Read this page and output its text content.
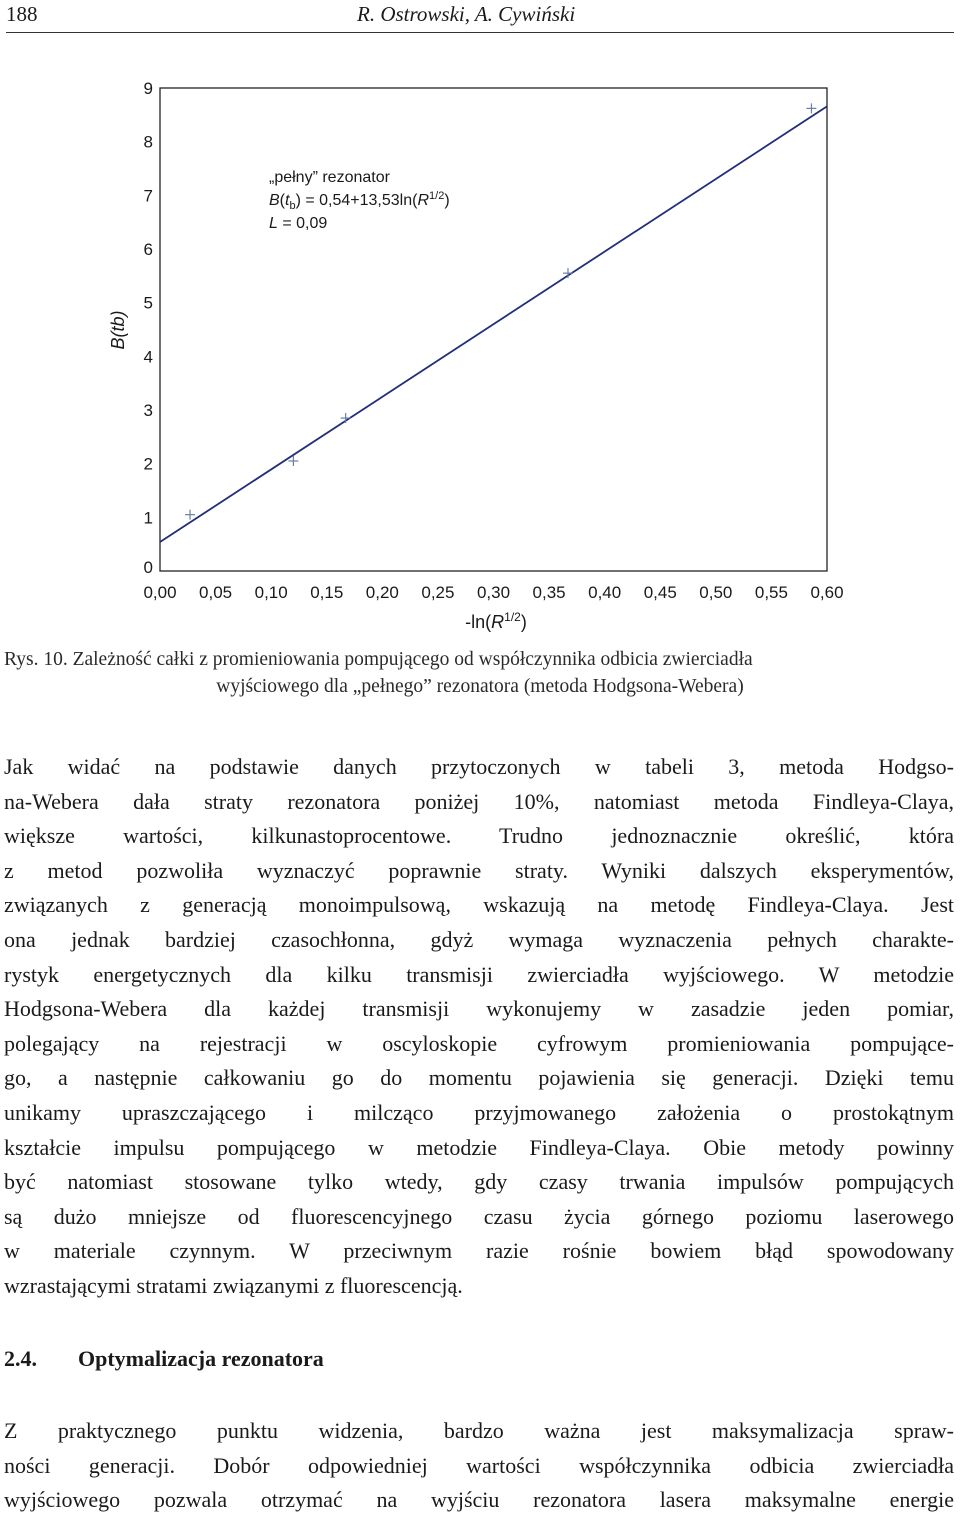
188	R. Ostrowski, A. Cywiński
0
1
2
3
4
5
6
7
8
9
0,00 0,05 0,10 0,15 0,20 0,25 0,30 0,35 0,40 0,45 0,50 0,55 0,60
B(tb)
$-\ln(R^{1/2})$
„pełny” rezonator
$B(t_b) = 0,54+13,53\ln(R^{1/2})$
L = 0,09
Rys. 10. Zależność całki z promieniowania pompującego od współczynnika odbicia zwierciadła
wyjściowego dla „pełnego” rezonatora (metoda Hodgsona-Webera)
Jak widać na podstawie danych przytoczonych w tabeli 3, metoda Hodgso-
na-Webera dała straty rezonatora poniżej 10%, natomiast metoda Findleya-Claya,
większe wartości, kilkunastoprocentowe. Trudno jednoznacznie określić, która
z metod pozwoliła wyznaczyć poprawnie straty. Wyniki dalszych eksperymentów,
związanych z generacją monoimpulsową, wskazują na metodę Findleya-Claya. Jest
ona jednak bardziej czasochłonna, gdyż wymaga wyznaczenia pełnych charakte-
rystyk energetycznych dla kilku transmisji zwierciadła wyjściowego. W metodzie
Hodgsona-Webera dla każdej transmisji wykonujemy w zasadzie jeden pomiar,
polegający na rejestracji w oscyloskopie cyfrowym promieniowania pompujące-
go, a następnie całkowaniu go do momentu pojawienia się generacji. Dzięki temu
unikamy upraszczającego i milcząco przyjmowanego założenia o prostokątnym
kształcie impulsu pompującego w metodzie Findleya-Claya. Obie metody powinny
być natomiast stosowane tylko wtedy, gdy czasy trwania impulsów pompujących
są dużo mniejsze od fluorescencyjnego czasu życia górnego poziomu laserowego
w materiale czynnym. W przeciwnym razie rośnie bowiem błąd spowodowany
wzrastającymi stratami związanymi z fluorescencją.
2.4. Optymalizacja rezonatora
Z praktycznego punktu widzenia, bardzo ważna jest maksymalizacja spraw-
ności generacji. Dobór odpowiedniej wartości współczynnika odbicia zwierciadła
wyjściowego pozwala otrzymać na wyjściu rezonatora lasera maksymalne energie
